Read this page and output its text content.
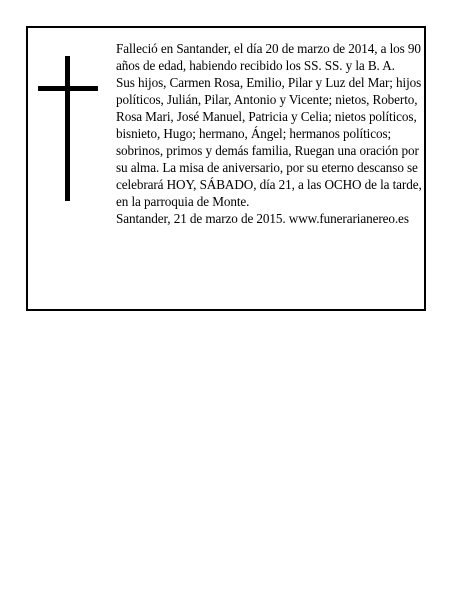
Falleció en Santander, el día 20 de marzo de 2014, a los 90 años de edad, habiendo recibido los SS. SS. y la B. A.

Sus hijos, Carmen Rosa, Emilio, Pilar y Luz del Mar; hijos políticos, Julián, Pilar, Antonio y Vicente; nietos, Roberto, Rosa Mari, José Manuel, Patricia y Celia; nietos políticos, bisnieto, Hugo; hermano, Ángel; hermanos políticos; sobrinos, primos y demás familia, Ruegan una oración por su alma. La misa de aniversario, por su eterno descanso se celebrará HOY, SÁBADO, día 21, a las OCHO de la tarde, en la parroquia de Monte.

Santander, 21 de marzo de 2015. www.funerarianereo.es
